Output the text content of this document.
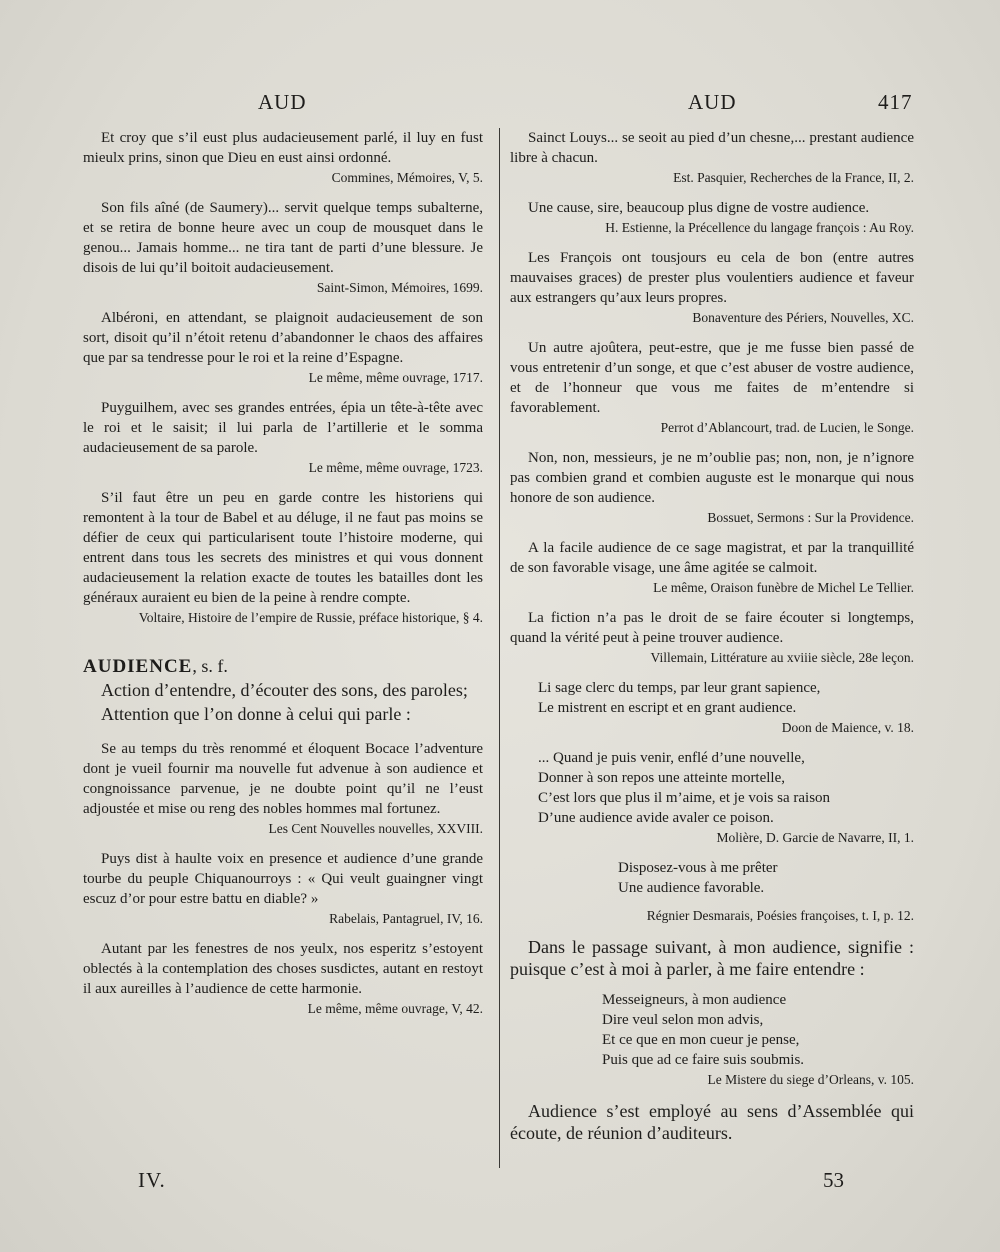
AUD	AUD	417

Et croy que s’il eust plus audacieusement parlé, il luy en fust mieulx prins, sinon que Dieu en eust ainsi ordonné.

Commines, Mémoires, V, 5.

Son fils aîné (de Saumery)... servit quelque temps subalterne, et se retira de bonne heure avec un coup de mousquet dans le genou... Jamais homme... ne tira tant de parti d’une blessure. Je disois de lui qu’il boitoit audacieusement.

Saint-Simon, Mémoires, 1699.

Albéroni, en attendant, se plaignoit audacieusement de son sort, disoit qu’il n’étoit retenu d’abandonner le chaos des affaires que par sa tendresse pour le roi et la reine d’Espagne.

Le même, même ouvrage, 1717.

Puyguilhem, avec ses grandes entrées, épia un tête-à-tête avec le roi et le saisit; il lui parla de l’artillerie et le somma audacieusement de sa parole.

Le même, même ouvrage, 1723.

S’il faut être un peu en garde contre les historiens qui remontent à la tour de Babel et au déluge, il ne faut pas moins se défier de ceux qui particularisent toute l’histoire moderne, qui entrent dans tous les secrets des ministres et qui vous donnent audacieusement la relation exacte de toutes les batailles dont les généraux auraient eu bien de la peine à rendre compte.

Voltaire, Histoire de l’empire de Russie, préface historique, § 4.
AUDIENCE, s. f.

Action d’entendre, d’écouter des sons, des paroles;

Attention que l’on donne à celui qui parle :

Se au temps du très renommé et éloquent Bocace l’adventure dont je vueil fournir ma nouvelle fut advenue à son audience et congnoissance parvenue, je ne doubte point qu’il ne l’eust adjoustée et mise ou reng des nobles hommes mal fortunez.

Les Cent Nouvelles nouvelles, XXVIII.

Puys dist à haulte voix en presence et audience d’une grande tourbe du peuple Chiquanourroys : « Qui veult guaingner vingt escuz d’or pour estre battu en diable? »

Rabelais, Pantagruel, IV, 16.

Autant par les fenestres de nos yeulx, nos esperitz s’estoyent oblectés à la contemplation des choses susdictes, autant en restoyt il aux aureilles à l’audience de cette harmonie.

Le même, même ouvrage, V, 42.

Sainct Louys... se seoit au pied d’un chesne,... prestant audience libre à chacun.

Est. Pasquier, Recherches de la France, II, 2.

Une cause, sire, beaucoup plus digne de vostre audience.

H. Estienne, la Précellence du langage françois : Au Roy.

Les François ont tousjours eu cela de bon (entre autres mauvaises graces) de prester plus voulentiers audience et faveur aux estrangers qu’aux leurs propres.

Bonaventure des Périers, Nouvelles, XC.

Un autre ajoûtera, peut-estre, que je me fusse bien passé de vous entretenir d’un songe, et que c’est abuser de vostre audience, et de l’honneur que vous me faites de m’entendre si favorablement.

Perrot d’Ablancourt, trad. de Lucien, le Songe.

Non, non, messieurs, je ne m’oublie pas; non, non, je n’ignore pas combien grand et combien auguste est le monarque qui nous honore de son audience.

Bossuet, Sermons : Sur la Providence.

A la facile audience de ce sage magistrat, et par la tranquillité de son favorable visage, une âme agitée se calmoit.

Le même, Oraison funèbre de Michel Le Tellier.

La fiction n’a pas le droit de se faire écouter si longtemps, quand la vérité peut à peine trouver audience.

Villemain, Littérature au xviiie siècle, 28e leçon.

Li sage clerc du temps, par leur grant sapience,

Le mistrent en escript et en grant audience.

Doon de Maience, v. 18.

... Quand je puis venir, enflé d’une nouvelle,

Donner à son repos une atteinte mortelle,

C’est lors que plus il m’aime, et je vois sa raison

D’une audience avide avaler ce poison.

Molière, D. Garcie de Navarre, II, 1.

Disposez-vous à me prêter

Une audience favorable.

Régnier Desmarais, Poésies françoises, t. I, p. 12.

Dans le passage suivant, à mon audience, signifie : puisque c’est à moi à parler, à me faire entendre :

Messeigneurs, à mon audience

Dire veul selon mon advis,

Et ce que en mon cueur je pense,

Puis que ad ce faire suis soubmis.

Le Mistere du siege d’Orleans, v. 105.

Audience s’est employé au sens d’Assemblée qui écoute, de réunion d’auditeurs.

IV.	53
